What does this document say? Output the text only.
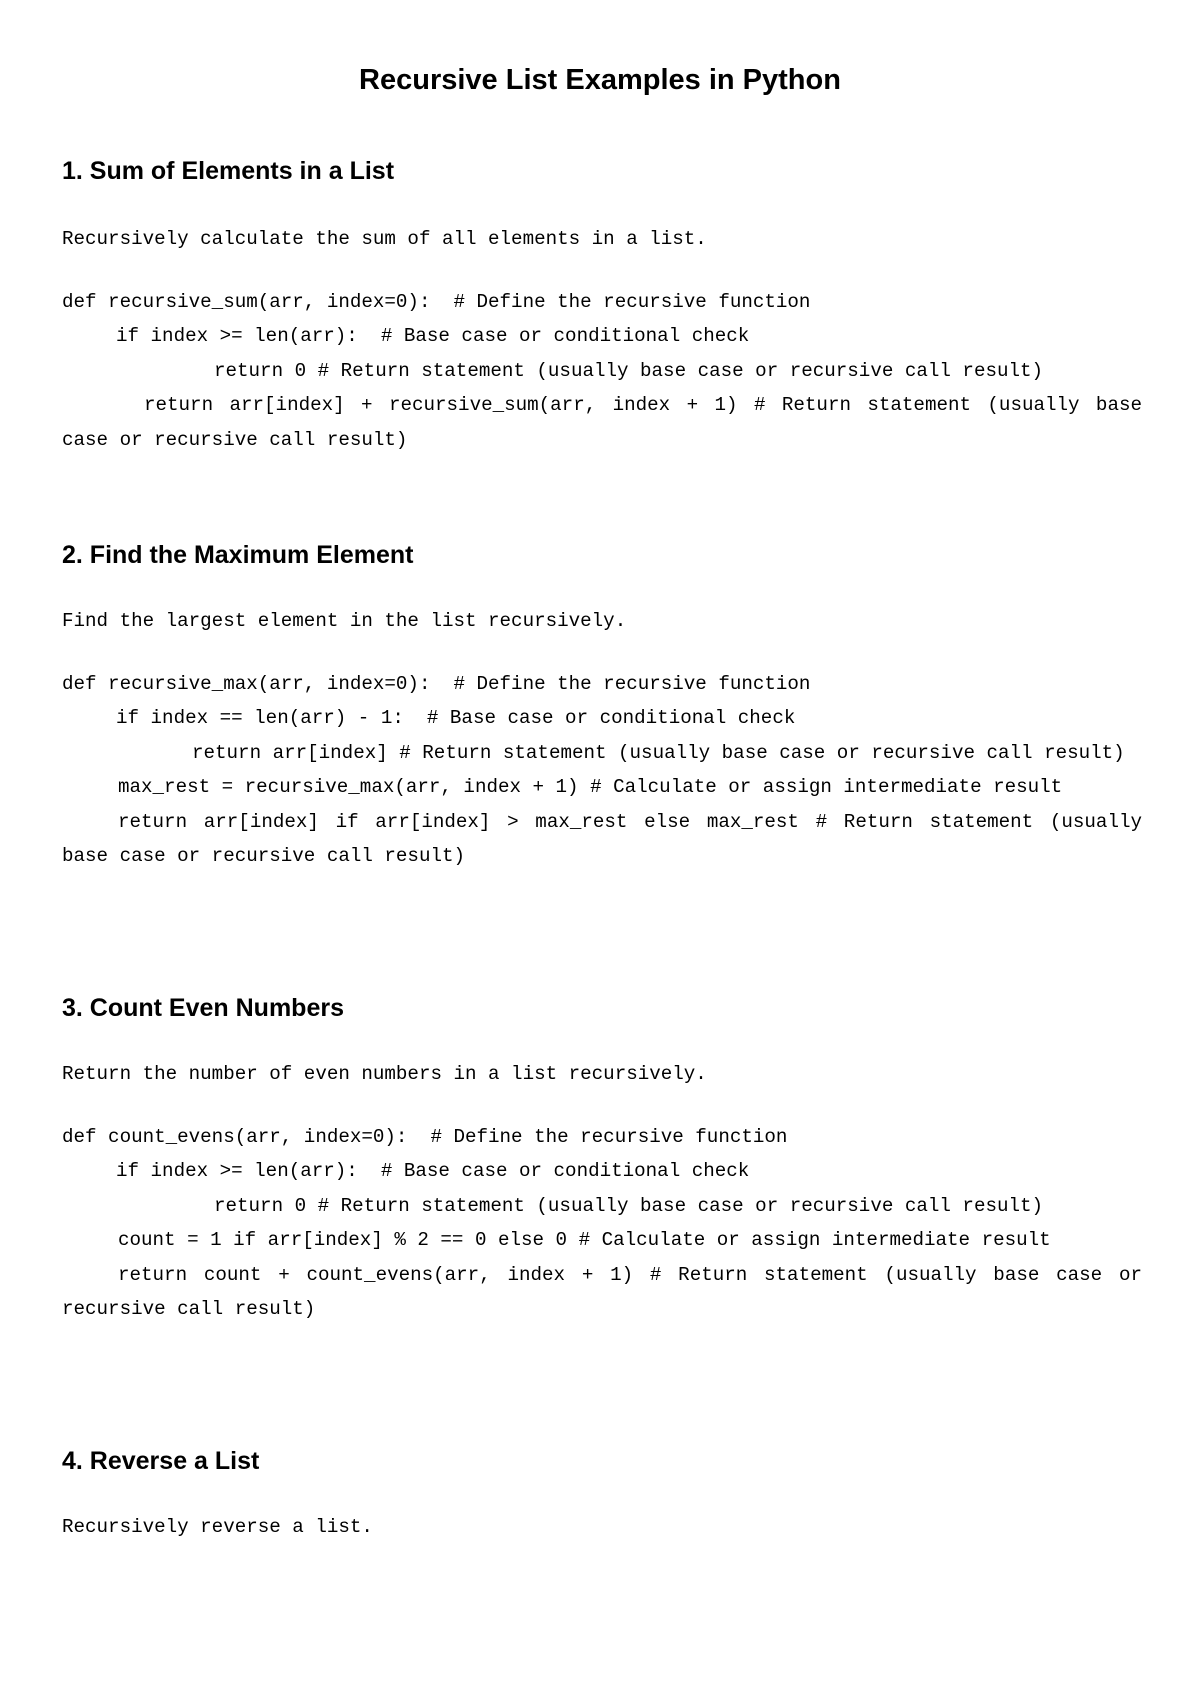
Recursive List Examples in Python
1. Sum of Elements in a List

Recursively calculate the sum of all elements in a list.

def recursive_sum(arr, index=0):  # Define the recursive function
if index >= len(arr):  # Base case or conditional check
return 0 # Return statement (usually base case or recursive call result)
return arr[index] + recursive_sum(arr, index + 1) # Return statement (usually base case or recursive call result)
2. Find the Maximum Element

Find the largest element in the list recursively.

def recursive_max(arr, index=0):  # Define the recursive function
if index == len(arr) - 1:  # Base case or conditional check
return arr[index] # Return statement (usually base case or recursive call result)
max_rest = recursive_max(arr, index + 1) # Calculate or assign intermediate result
return arr[index] if arr[index] > max_rest else max_rest # Return statement (usually base case or recursive call result)
3. Count Even Numbers

Return the number of even numbers in a list recursively.

def count_evens(arr, index=0):  # Define the recursive function
if index >= len(arr):  # Base case or conditional check
return 0 # Return statement (usually base case or recursive call result)
count = 1 if arr[index] % 2 == 0 else 0 # Calculate or assign intermediate result
return count + count_evens(arr, index + 1) # Return statement (usually base case or recursive call result)
4. Reverse a List

Recursively reverse a list.
